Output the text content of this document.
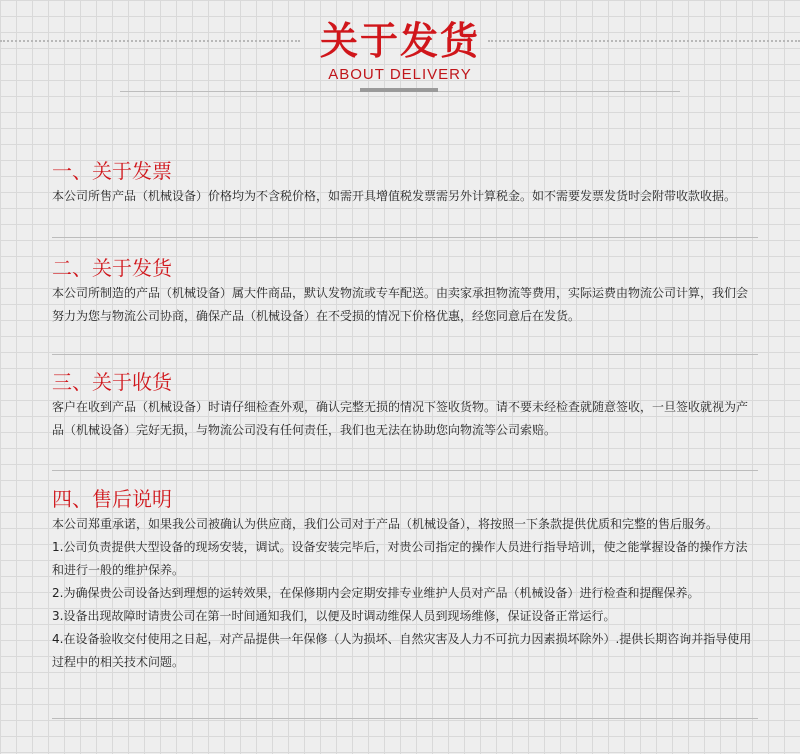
关于发货
ABOUT DELIVERY
一、关于发票

本公司所售产品（机械设备）价格均为不含税价格，如需开具增值税发票需另外计算税金。如不需要发票发货时会附带收款收据。

二、关于发货

本公司所制造的产品（机械设备）属大件商品，默认发物流或专车配送。由卖家承担物流等费用，实际运费由物流公司计算，我们会努力为您与物流公司协商，确保产品（机械设备）在不受损的情况下价格优惠，经您同意后在发货。

三、关于收货

客户在收到产品（机械设备）时请仔细检查外观，确认完整无损的情况下签收货物。请不要未经检查就随意签收，一旦签收就视为产品（机械设备）完好无损，与物流公司没有任何责任，我们也无法在协助您向物流等公司索赔。

四、售后说明

本公司郑重承诺，如果我公司被确认为供应商，我们公司对于产品（机械设备），将按照一下条款提供优质和完整的售后服务。

1.公司负责提供大型设备的现场安装，调试。设备安装完毕后，对贵公司指定的操作人员进行指导培训，使之能掌握设备的操作方法和进行一般的维护保养。

2.为确保贵公司设备达到理想的运转效果，在保修期内会定期安排专业维护人员对产品（机械设备）进行检查和提醒保养。

3.设备出现故障时请贵公司在第一时间通知我们，以便及时调动维保人员到现场维修，保证设备正常运行。

4.在设备验收交付使用之日起，对产品提供一年保修（人为损坏、自然灾害及人力不可抗力因素损坏除外）.提供长期咨询并指导使用过程中的相关技术问题。
